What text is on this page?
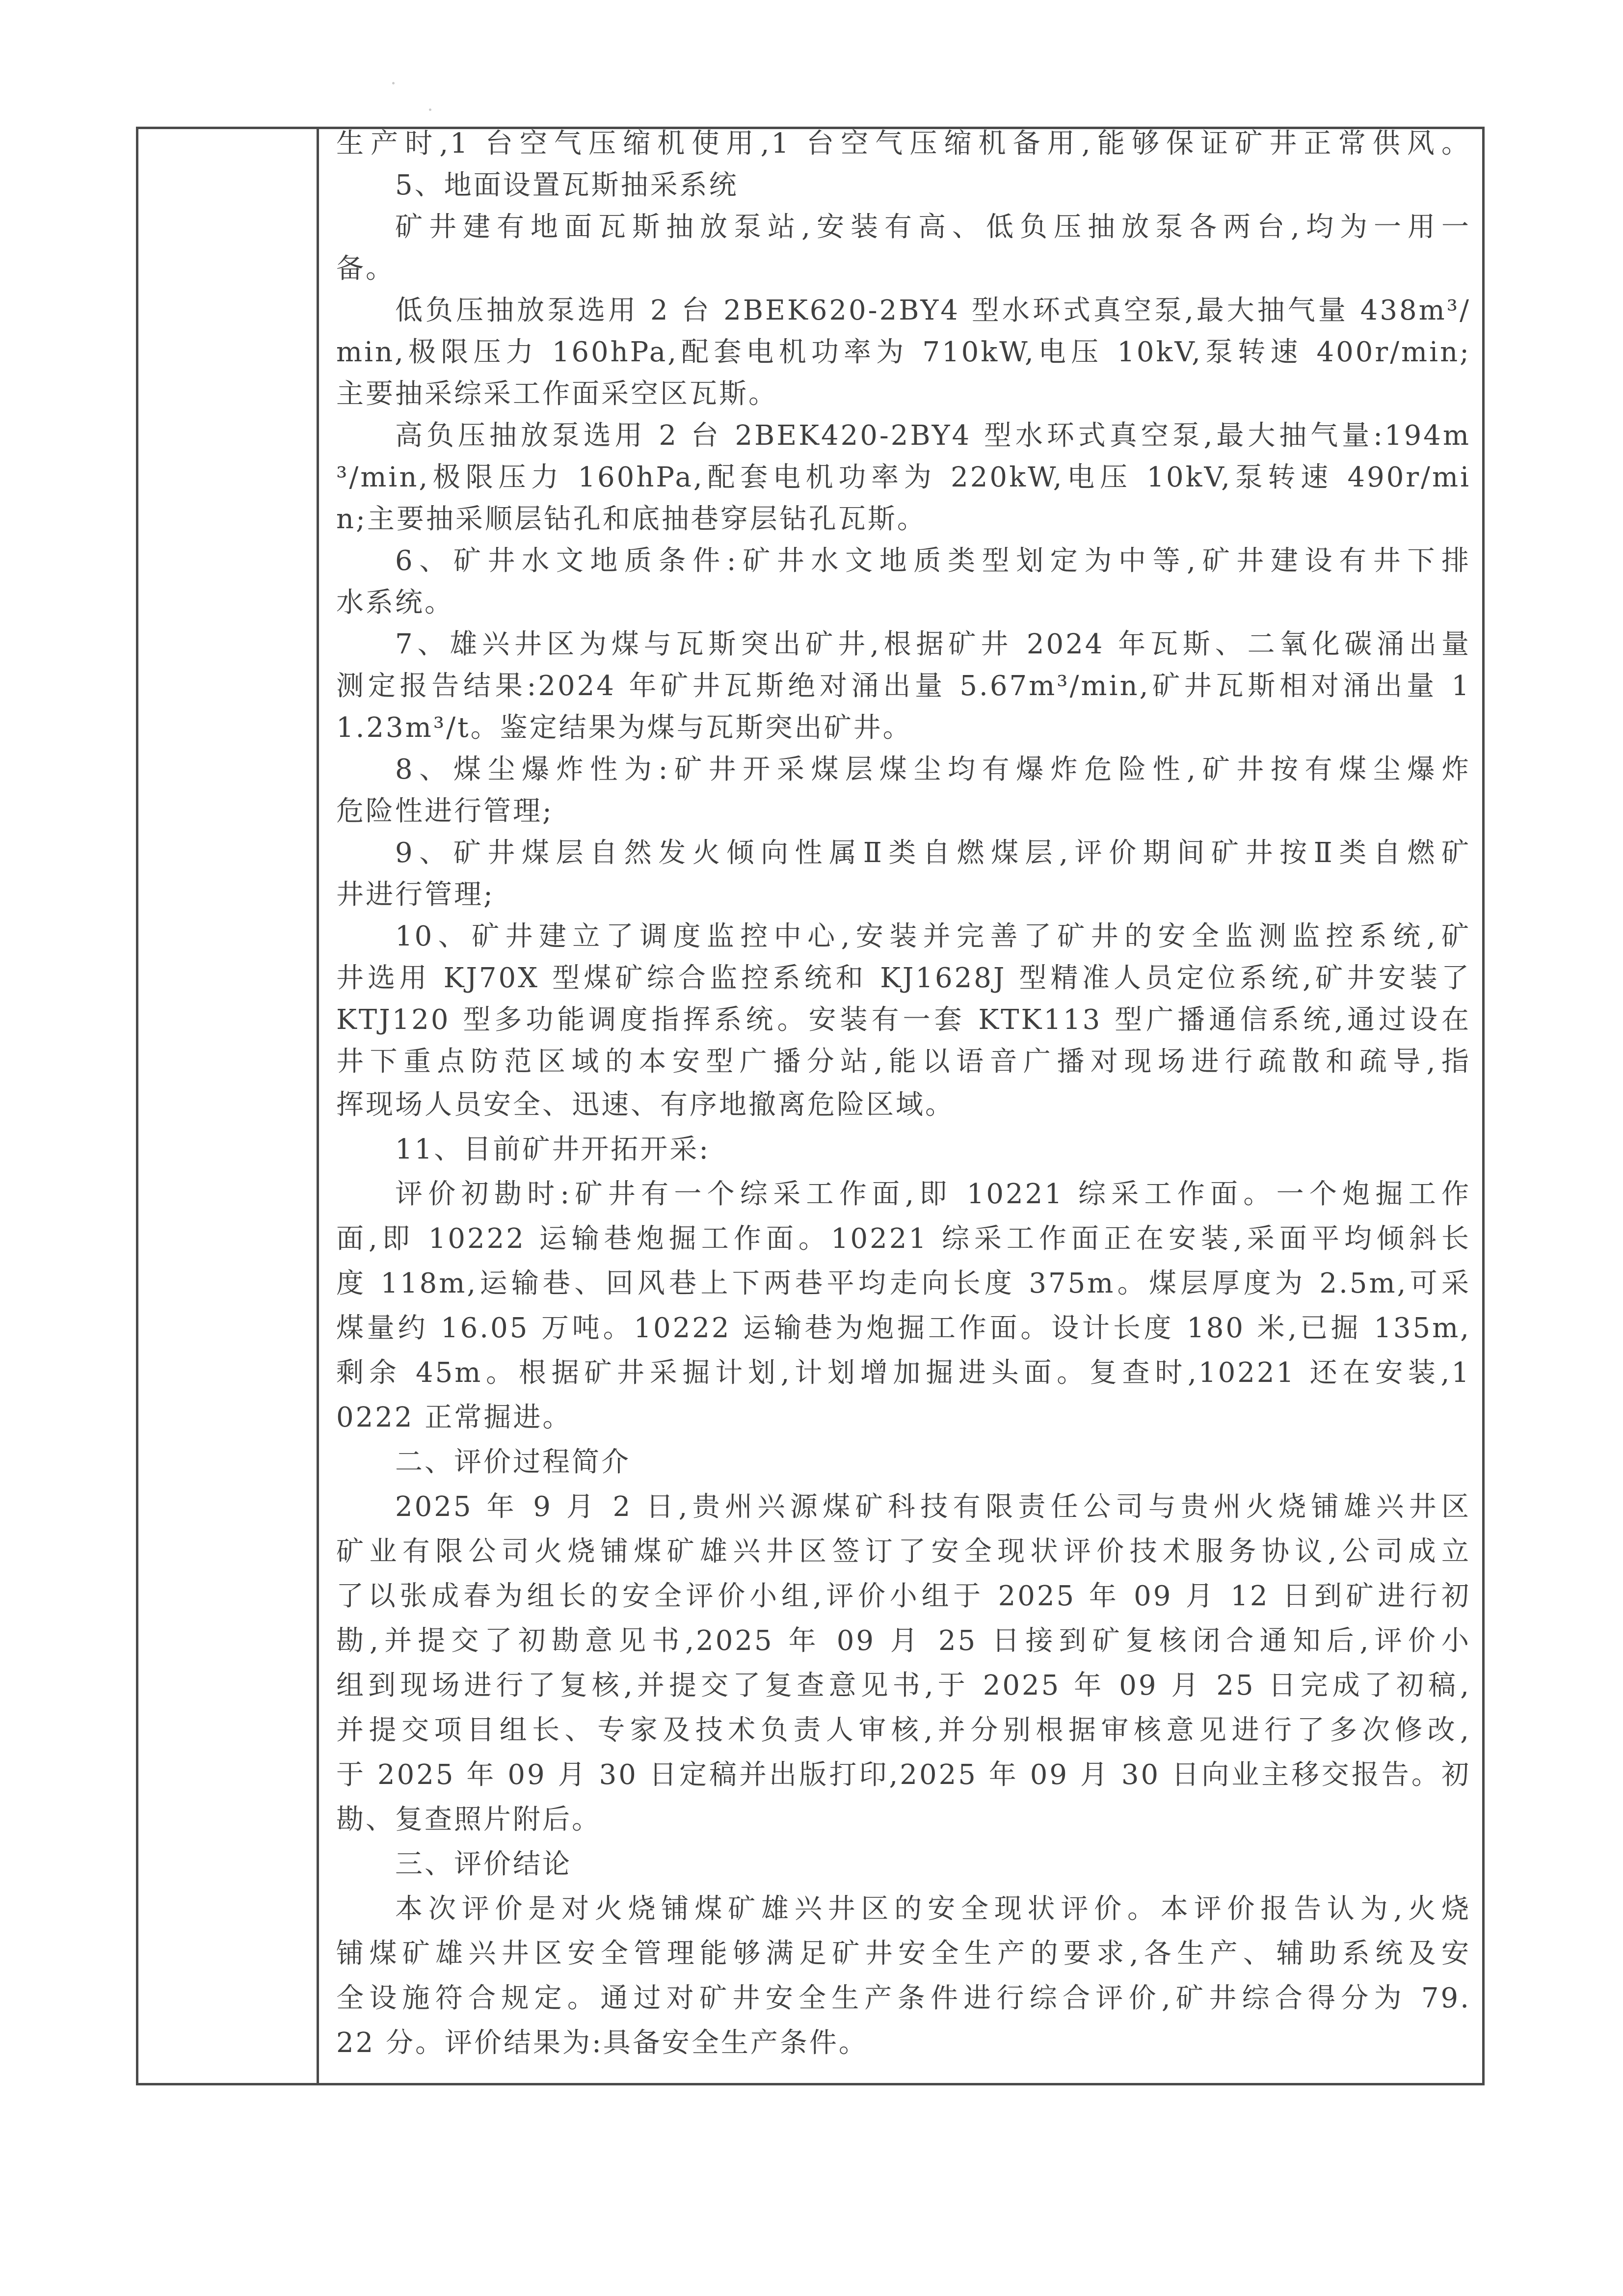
生产时,1 台空气压缩机使用,1 台空气压缩机备用,能够保证矿井正常供风。

5、地面设置瓦斯抽采系统

矿井建有地面瓦斯抽放泵站,安装有高、低负压抽放泵各两台,均为一用一

备。

低负压抽放泵选用 2 台 2BEK620-2BY4 型水环式真空泵,最大抽气量 438m³/

min,极限压力 160hPa,配套电机功率为 710kW,电压 10kV,泵转速 400r/min;

主要抽采综采工作面采空区瓦斯。

高负压抽放泵选用 2 台 2BEK420-2BY4 型水环式真空泵,最大抽气量:194m

³/min,极限压力 160hPa,配套电机功率为 220kW,电压 10kV,泵转速 490r/mi

n;主要抽采顺层钻孔和底抽巷穿层钻孔瓦斯。

6、矿井水文地质条件:矿井水文地质类型划定为中等,矿井建设有井下排

水系统。

7、雄兴井区为煤与瓦斯突出矿井,根据矿井 2024 年瓦斯、二氧化碳涌出量

测定报告结果:2024 年矿井瓦斯绝对涌出量 5.67m³/min,矿井瓦斯相对涌出量 1

1.23m³/t。鉴定结果为煤与瓦斯突出矿井。

8、煤尘爆炸性为:矿井开采煤层煤尘均有爆炸危险性,矿井按有煤尘爆炸

危险性进行管理;

9、矿井煤层自然发火倾向性属Ⅱ类自燃煤层,评价期间矿井按Ⅱ类自燃矿

井进行管理;

10、矿井建立了调度监控中心,安装并完善了矿井的安全监测监控系统,矿

井选用 KJ70X 型煤矿综合监控系统和 KJ1628J 型精准人员定位系统,矿井安装了

KTJ120 型多功能调度指挥系统。安装有一套 KTK113 型广播通信系统,通过设在

井下重点防范区域的本安型广播分站,能以语音广播对现场进行疏散和疏导,指

挥现场人员安全、迅速、有序地撤离危险区域。

11、目前矿井开拓开采:

评价初勘时:矿井有一个综采工作面,即 10221 综采工作面。一个炮掘工作

面,即 10222 运输巷炮掘工作面。10221 综采工作面正在安装,采面平均倾斜长

度 118m,运输巷、回风巷上下两巷平均走向长度 375m。煤层厚度为 2.5m,可采

煤量约 16.05 万吨。10222 运输巷为炮掘工作面。设计长度 180 米,已掘 135m,

剩余 45m。根据矿井采掘计划,计划增加掘进头面。复查时,10221 还在安装,1

0222 正常掘进。

二、评价过程简介

2025 年 9 月 2 日,贵州兴源煤矿科技有限责任公司与贵州火烧铺雄兴井区

矿业有限公司火烧铺煤矿雄兴井区签订了安全现状评价技术服务协议,公司成立

了以张成春为组长的安全评价小组,评价小组于 2025 年 09 月 12 日到矿进行初

勘,并提交了初勘意见书,2025 年 09 月 25 日接到矿复核闭合通知后,评价小

组到现场进行了复核,并提交了复查意见书,于 2025 年 09 月 25 日完成了初稿,

并提交项目组长、专家及技术负责人审核,并分别根据审核意见进行了多次修改,

于 2025 年 09 月 30 日定稿并出版打印,2025 年 09 月 30 日向业主移交报告。初

勘、复查照片附后。

三、评价结论

本次评价是对火烧铺煤矿雄兴井区的安全现状评价。本评价报告认为,火烧

铺煤矿雄兴井区安全管理能够满足矿井安全生产的要求,各生产、辅助系统及安

全设施符合规定。通过对矿井安全生产条件进行综合评价,矿井综合得分为 79.

22 分。评价结果为:具备安全生产条件。
